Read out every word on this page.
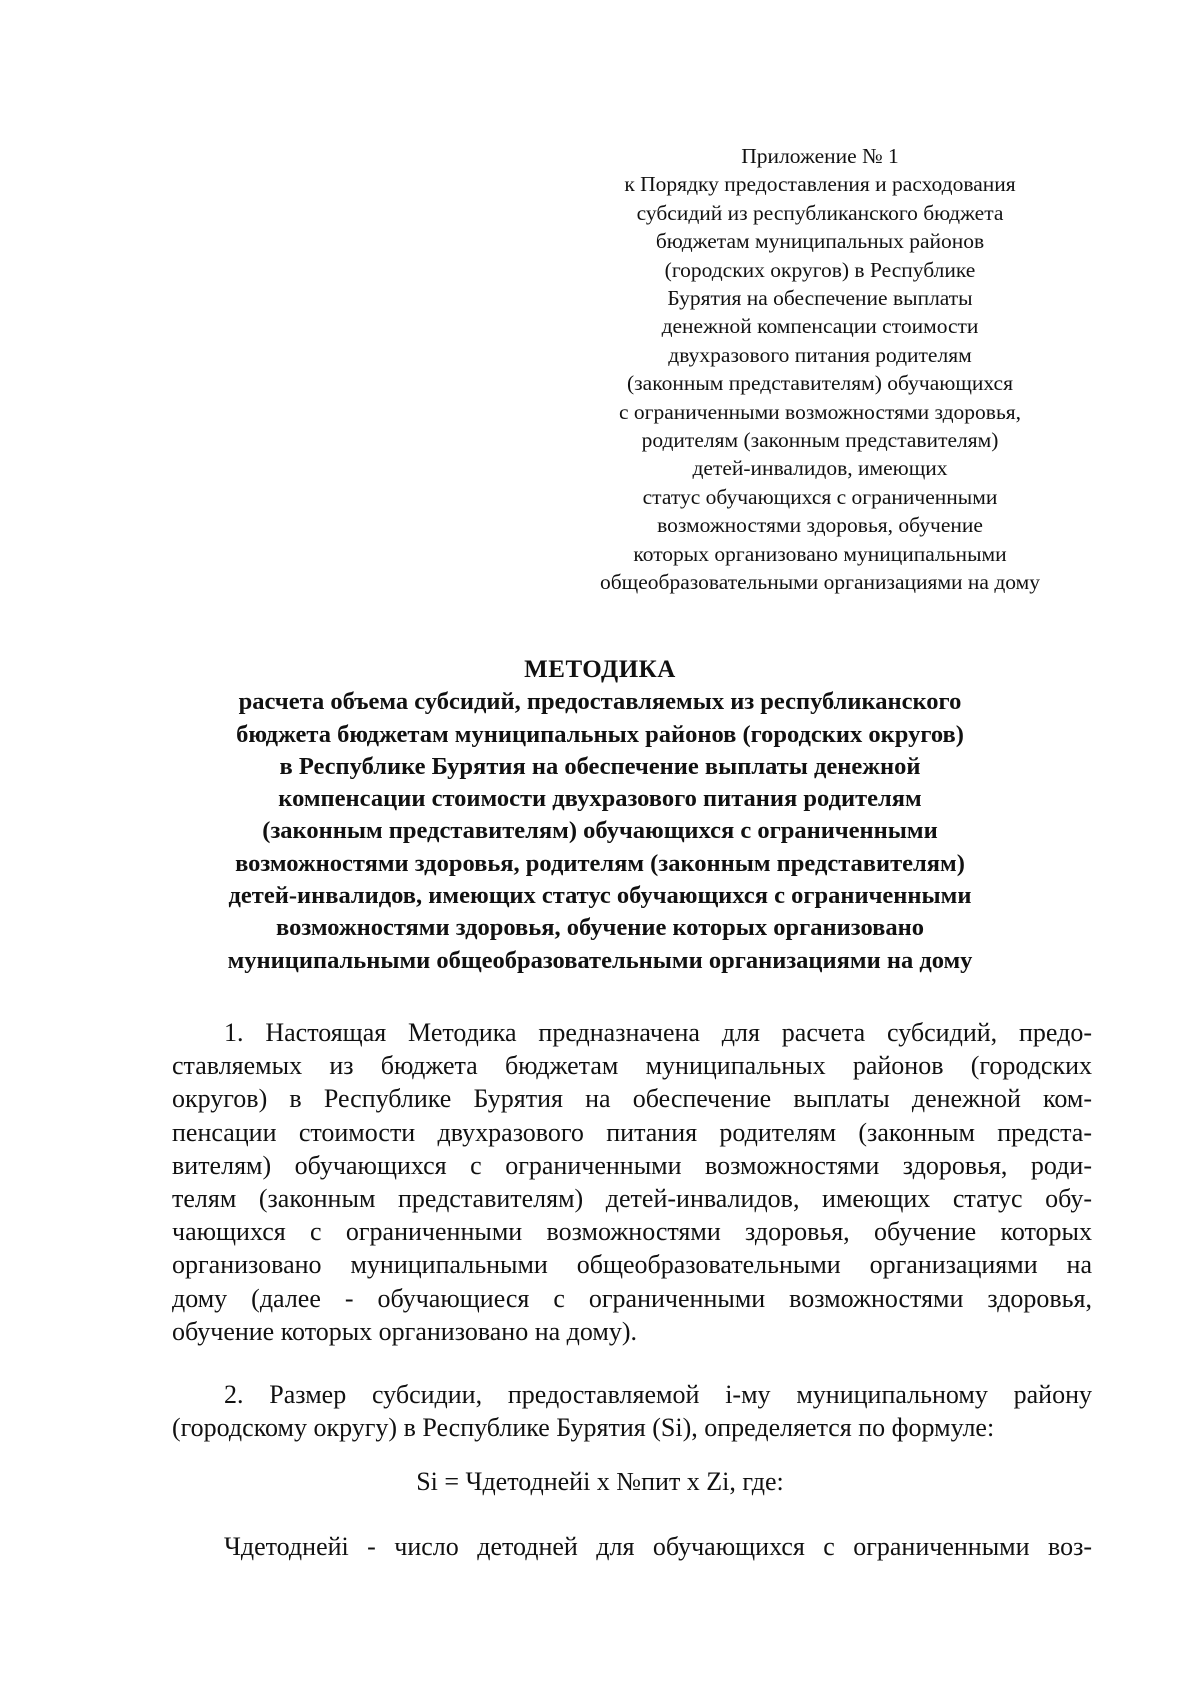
Приложение № 1
к Порядку предоставления и расходования
субсидий из республиканского бюджета
бюджетам муниципальных районов
(городских округов) в Республике
Бурятия на обеспечение выплаты
денежной компенсации стоимости
двухразового питания родителям
(законным представителям) обучающихся
с ограниченными возможностями здоровья,
родителям (законным представителям)
детей-инвалидов, имеющих
статус обучающихся с ограниченными
возможностями здоровья, обучение
которых организовано муниципальными
общеобразовательными организациями на дому
МЕТОДИКА
расчета объема субсидий, предоставляемых из республиканского
бюджета бюджетам муниципальных районов (городских округов)
в Республике Бурятия на обеспечение выплаты денежной
компенсации стоимости двухразового питания родителям
(законным представителям) обучающихся с ограниченными
возможностями здоровья, родителям (законным представителям)
детей-инвалидов, имеющих статус обучающихся с ограниченными
возможностями здоровья, обучение которых организовано
муниципальными общеобразовательными организациями на дому
1. Настоящая Методика предназначена для расчета субсидий, предо-
ставляемых из бюджета бюджетам муниципальных районов (городских
округов) в Республике Бурятия на обеспечение выплаты денежной ком-
пенсации стоимости двухразового питания родителям (законным предста-
вителям) обучающихся с ограниченными возможностями здоровья, роди-
телям (законным представителям) детей-инвалидов, имеющих статус обу-
чающихся с ограниченными возможностями здоровья, обучение которых
организовано муниципальными общеобразовательными организациями на
дому (далее - обучающиеся с ограниченными возможностями здоровья,
обучение которых организовано на дому).
2. Размер субсидии, предоставляемой i-му муниципальному району
(городскому округу) в Республике Бурятия (Si), определяется по формуле:
Si = Чдетоднейi x №пит x Zi, где:
Чдетоднейi - число детодней для обучающихся с ограниченными воз-
